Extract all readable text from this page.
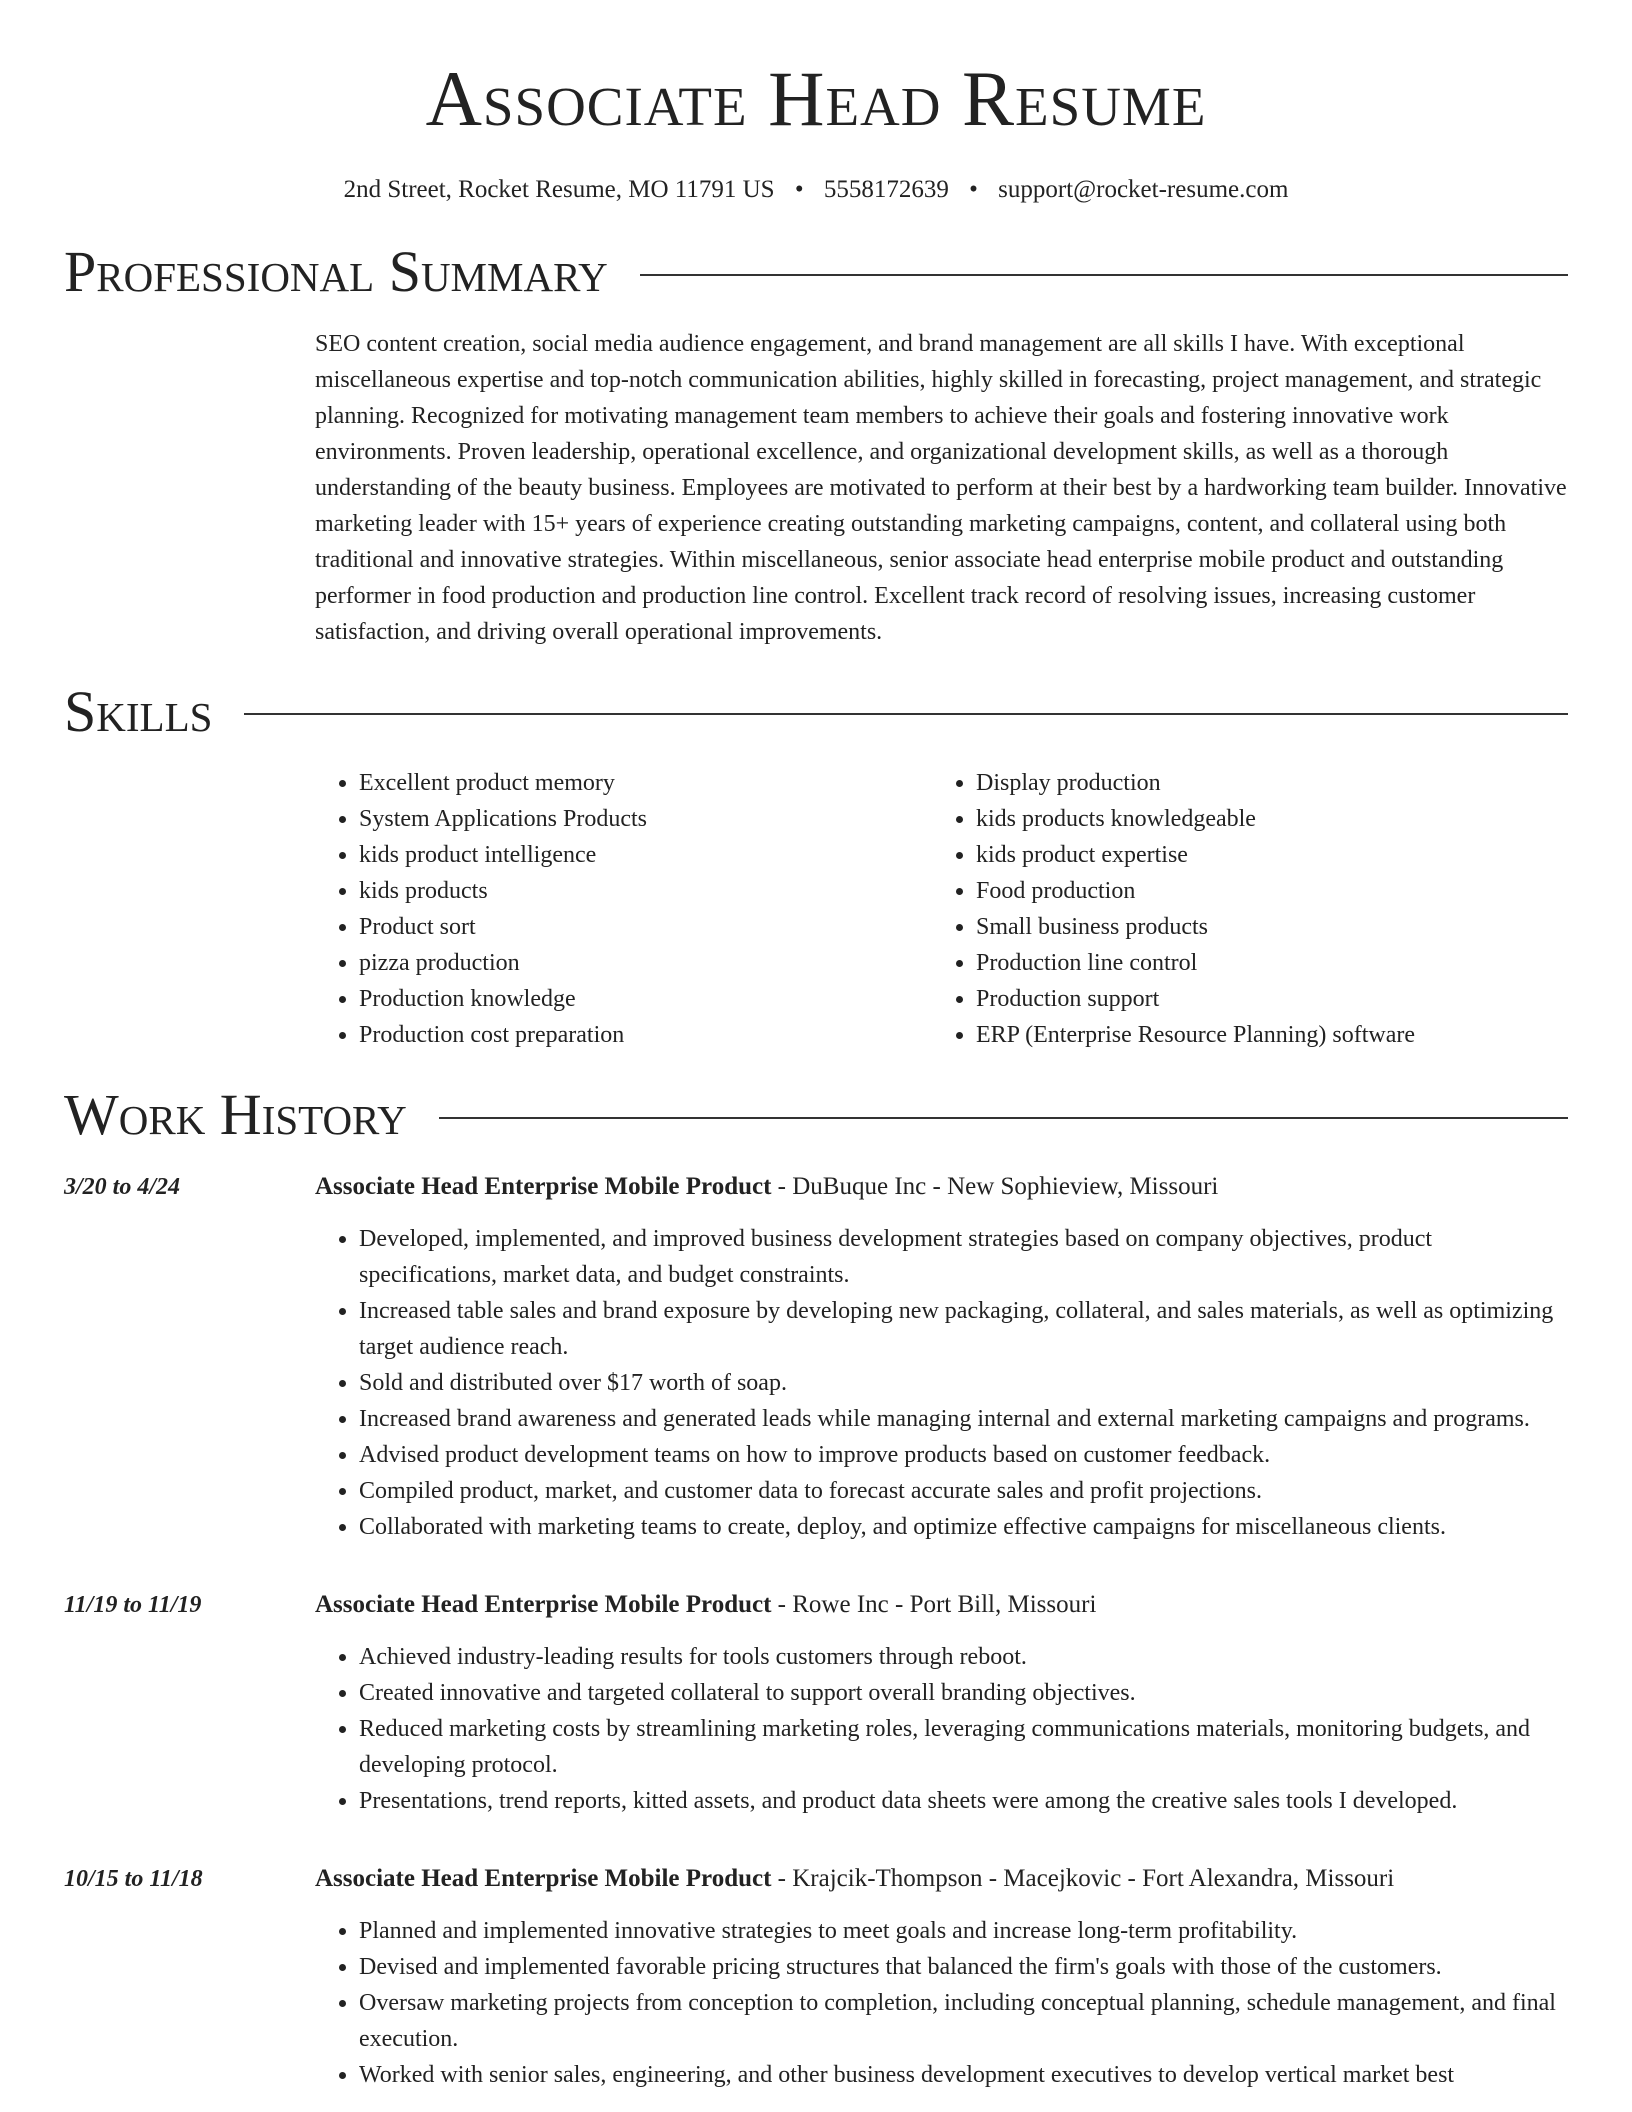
Associate Head Resume
2nd Street, Rocket Resume, MO 11791 US • 5558172639 • support@rocket-resume.com
Professional Summary
SEO content creation, social media audience engagement, and brand management are all skills I have. With exceptional miscellaneous expertise and top-notch communication abilities, highly skilled in forecasting, project management, and strategic planning. Recognized for motivating management team members to achieve their goals and fostering innovative work environments. Proven leadership, operational excellence, and organizational development skills, as well as a thorough understanding of the beauty business. Employees are motivated to perform at their best by a hardworking team builder. Innovative marketing leader with 15+ years of experience creating outstanding marketing campaigns, content, and collateral using both traditional and innovative strategies. Within miscellaneous, senior associate head enterprise mobile product and outstanding performer in food production and production line control. Excellent track record of resolving issues, increasing customer satisfaction, and driving overall operational improvements.
Skills
• Excellent product memory
• System Applications Products
• kids product intelligence
• kids products
• Product sort
• pizza production
• Production knowledge
• Production cost preparation
• Display production
• kids products knowledgeable
• kids product expertise
• Food production
• Small business products
• Production line control
• Production support
• ERP (Enterprise Resource Planning) software
Work History
3/20 to 4/24	Associate Head Enterprise Mobile Product - DuBuque Inc - New Sophieview, Missouri
• Developed, implemented, and improved business development strategies based on company objectives, product specifications, market data, and budget constraints.
• Increased table sales and brand exposure by developing new packaging, collateral, and sales materials, as well as optimizing target audience reach.
• Sold and distributed over $17 worth of soap.
• Increased brand awareness and generated leads while managing internal and external marketing campaigns and programs.
• Advised product development teams on how to improve products based on customer feedback.
• Compiled product, market, and customer data to forecast accurate sales and profit projections.
• Collaborated with marketing teams to create, deploy, and optimize effective campaigns for miscellaneous clients.
11/19 to 11/19	Associate Head Enterprise Mobile Product - Rowe Inc - Port Bill, Missouri
• Achieved industry-leading results for tools customers through reboot.
• Created innovative and targeted collateral to support overall branding objectives.
• Reduced marketing costs by streamlining marketing roles, leveraging communications materials, monitoring budgets, and developing protocol.
• Presentations, trend reports, kitted assets, and product data sheets were among the creative sales tools I developed.
10/15 to 11/18	Associate Head Enterprise Mobile Product - Krajcik-Thompson - Macejkovic - Fort Alexandra, Missouri
• Planned and implemented innovative strategies to meet goals and increase long-term profitability.
• Devised and implemented favorable pricing structures that balanced the firm's goals with those of the customers.
• Oversaw marketing projects from conception to completion, including conceptual planning, schedule management, and final execution.
• Worked with senior sales, engineering, and other business development executives to develop vertical market best
